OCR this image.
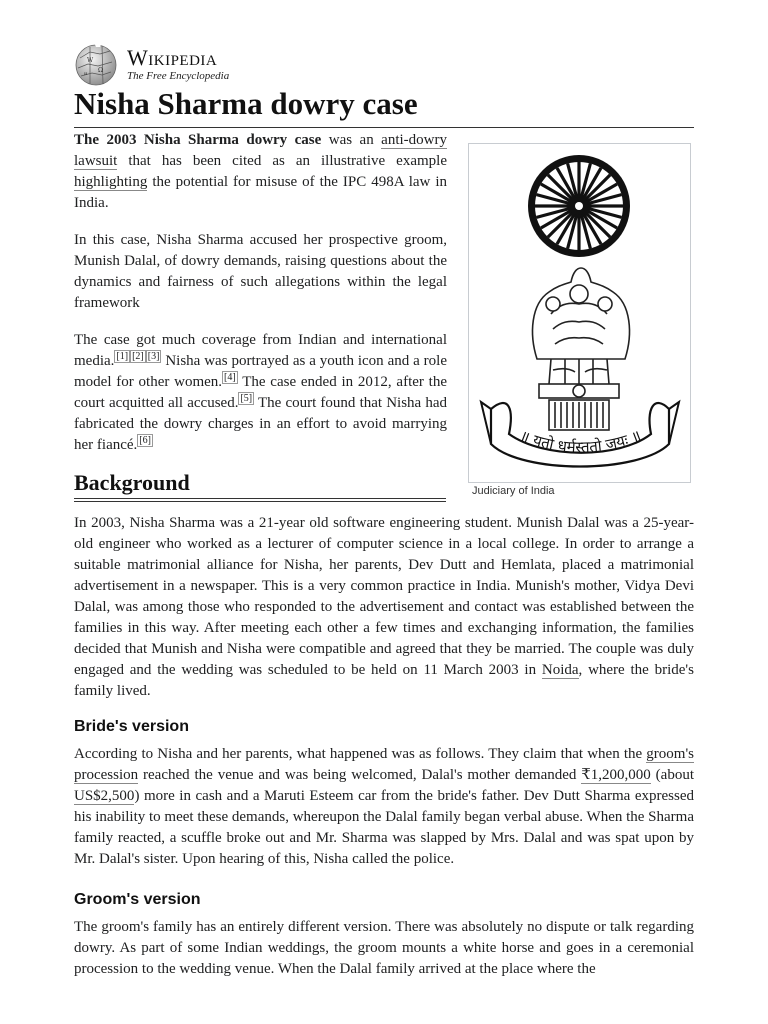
W
Ω
и
Wikipedia
The Free Encyclopedia
Nisha Sharma dowry case

The 2003 Nisha Sharma dowry case was an anti-dowry lawsuit that has been cited as an illustrative example highlighting the potential for misuse of the IPC 498A law in India.

In this case, Nisha Sharma accused her prospective groom, Munish Dalal, of dowry demands, raising questions about the dynamics and fairness of such allegations within the legal framework

The case got much coverage from Indian and international media. [1] [2] [3] Nisha was portrayed as a youth icon and a role model for other women. [4] The case ended in 2012, after the court acquitted all accused. [5] The court found that Nisha had fabricated the dowry charges in an effort to avoid marrying her fiancé. [6]	॥ यतो धर्मस्ततो जयः ॥
Judiciary of India
Background

In 2003, Nisha Sharma was a 21-year old software engineering student. Munish Dalal was a 25-year-old engineer who worked as a lecturer of computer science in a local college. In order to arrange a suitable matrimonial alliance for Nisha, her parents, Dev Dutt and Hemlata, placed a matrimonial advertisement in a newspaper. This is a very common practice in India. Munish's mother, Vidya Devi Dalal, was among those who responded to the advertisement and contact was established between the families in this way. After meeting each other a few times and exchanging information, the families decided that Munish and Nisha were compatible and agreed that they be married. The couple was duly engaged and the wedding was scheduled to be held on 11 March 2003 in Noida, where the bride's family lived.

Bride's version

According to Nisha and her parents, what happened was as follows. They claim that when the groom's procession reached the venue and was being welcomed, Dalal's mother demanded ₹1,200,000 (about US$2,500) more in cash and a Maruti Esteem car from the bride's father. Dev Dutt Sharma expressed his inability to meet these demands, whereupon the Dalal family began verbal abuse. When the Sharma family reacted, a scuffle broke out and Mr. Sharma was slapped by Mrs. Dalal and was spat upon by Mr. Dalal's sister. Upon hearing of this, Nisha called the police.

Groom's version

The groom's family has an entirely different version. There was absolutely no dispute or talk regarding dowry. As part of some Indian weddings, the groom mounts a white horse and goes in a ceremonial procession to the wedding venue. When the Dalal family arrived at the place where the
